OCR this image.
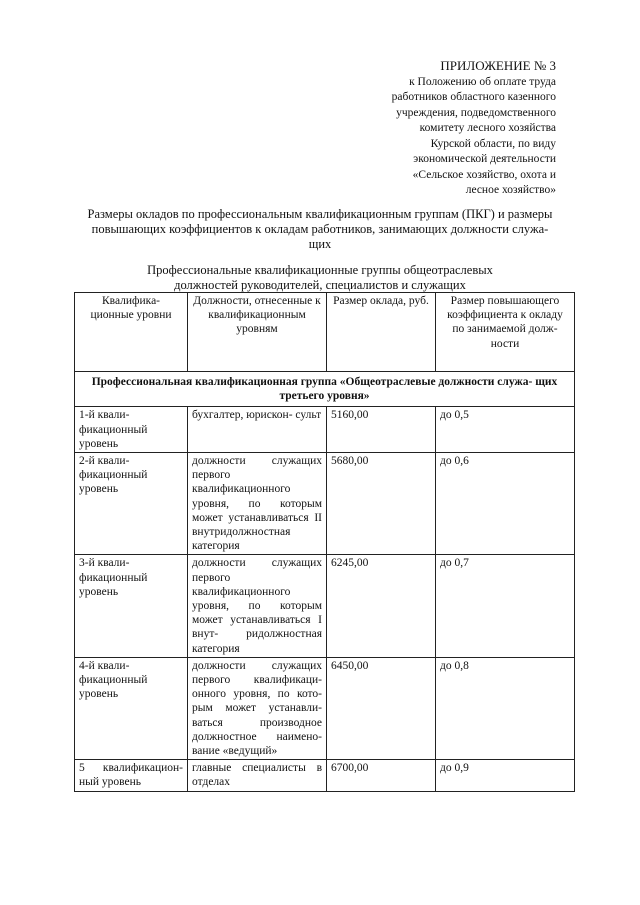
ПРИЛОЖЕНИЕ № 3
к Положению об оплате труда
работников областного казенного
учреждения, подведомственного
комитету лесного хозяйства
Курской области, по виду
экономической деятельности
«Сельское хозяйство, охота и
лесное хозяйство»
Размеры окладов по профессиональным квалификационным группам (ПКГ) и размеры
повышающих коэффициентов к окладам работников, занимающих должности служа-
щих
Профессиональные квалификационные группы общеотраслевых
должностей руководителей, специалистов и служащих
Квалифика- ционные уровни	Должности, отнесенные к квалификационным уровням	Размер оклада, руб.	Размер повышающего коэффициента к окладу по занимаемой долж- ности
Профессиональная квалификационная группа «Общеотраслевые должности служа- щих третьего уровня»			
1-й квали- фикационный уровень	бухгалтер, юрискон- сульт	5160,00	до 0,5
2-й квали- фикационный уровень	должности служащих первого квалификационного уровня, по которым может устанавливаться II внутридолжностная категория	5680,00	до 0,6
3-й квали- фикационный уровень	должности служащих первого квалификационного уровня, по которым может устанавливаться I внут- ридолжностная категория	6245,00	до 0,7
4-й квали- фикационный уровень	должности служащих первого квалификаци- онного уровня, по кото- рым может устанавли- ваться производное должностное наимено- вание «ведущий»	6450,00	до 0,8
5 квалификацион- ный уровень	главные специалисты в отделах	6700,00	до 0,9
